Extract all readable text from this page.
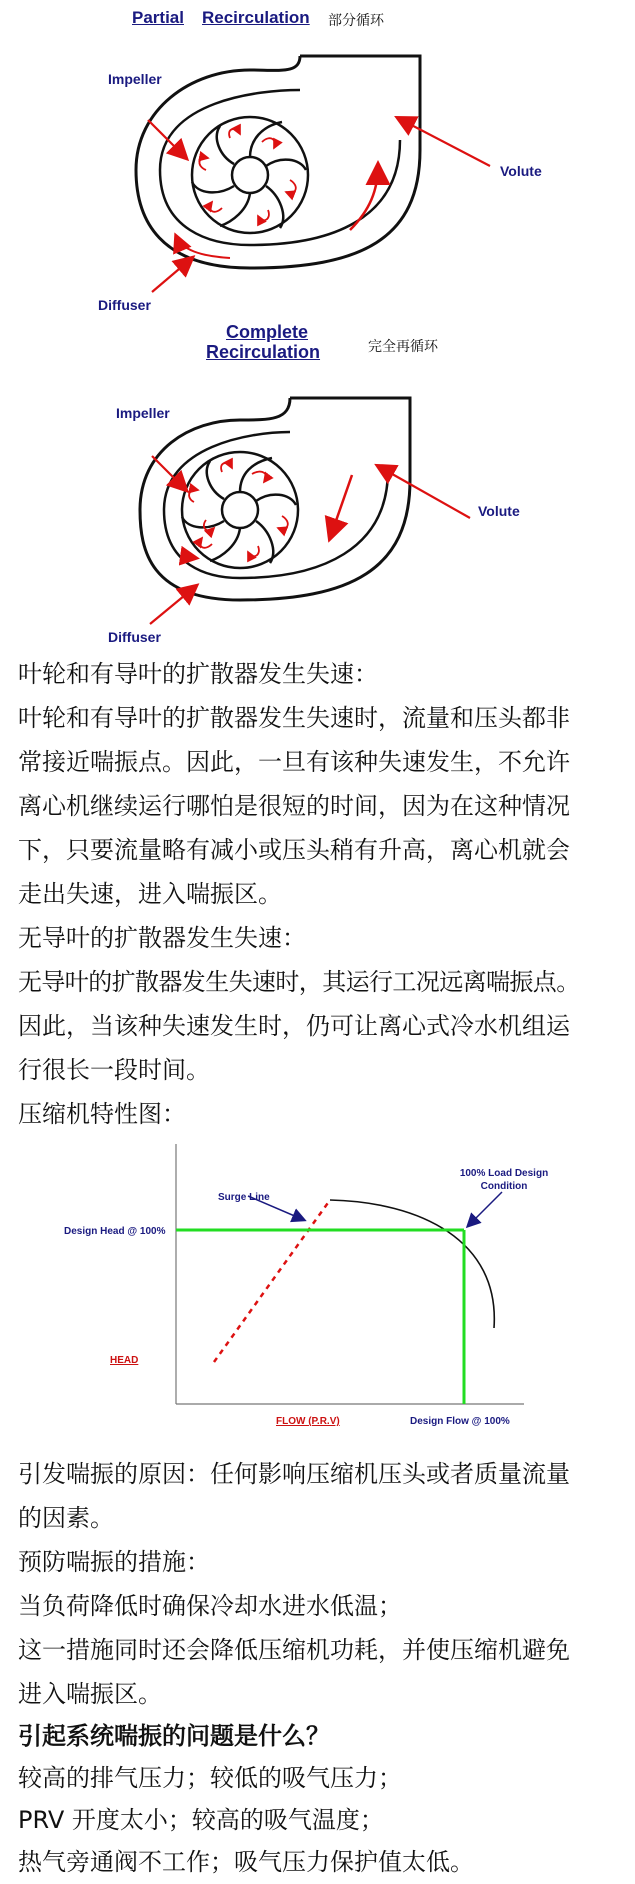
Partial Recirculation 部分循环
Impeller
Volute
Diffuser
Complete
Recirculation	完全再循环
Impeller
Volute
Diffuser
叶轮和有导叶的扩散器发生失速：
叶轮和有导叶的扩散器发生失速时，流量和压头都非
常接近喘振点。因此，一旦有该种失速发生，不允许
离心机继续运行哪怕是很短的时间，因为在这种情况
下，只要流量略有减小或压头稍有升高，离心机就会
走出失速，进入喘振区。
无导叶的扩散器发生失速：
无导叶的扩散器发生失速时，其运行工况远离喘振点。
因此，当该种失速发生时，仍可让离心式冷水机组运
行很长一段时间。
压缩机特性图：
Surge Line
100% Load Design
Condition
Design Head @ 100%
HEAD
FLOW (P.R.V)	Design Flow @ 100%
引发喘振的原因：任何影响压缩机压头或者质量流量
的因素。
预防喘振的措施：
当负荷降低时确保冷却水进水低温；
这一措施同时还会降低压缩机功耗，并使压缩机避免
进入喘振区。
引起系统喘振的问题是什么？
较高的排气压力；较低的吸气压力；
PRV 开度太小；较高的吸气温度；
热气旁通阀不工作；吸气压力保护值太低。
